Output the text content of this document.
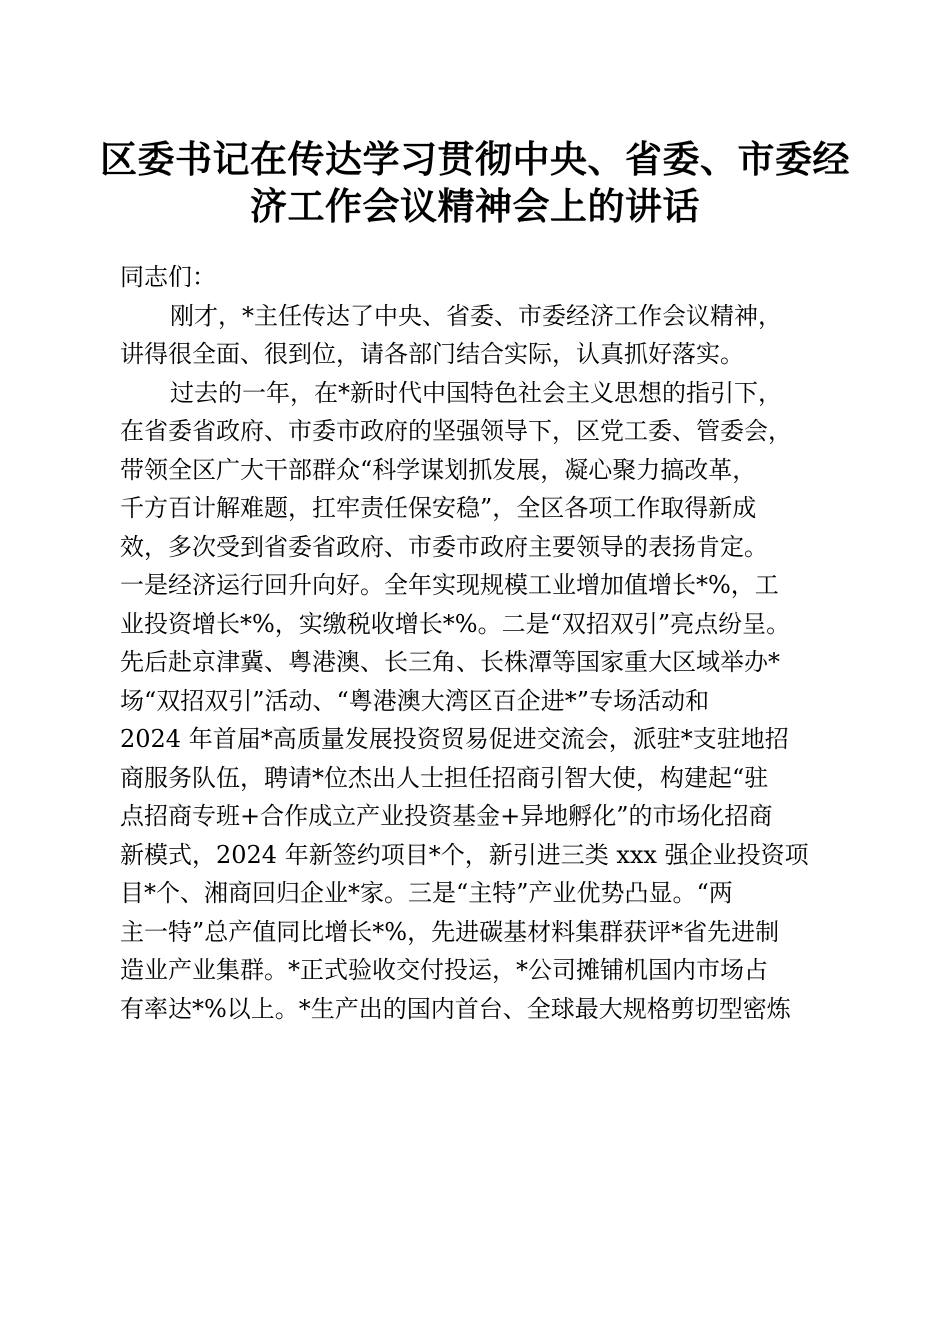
区委书记在传达学习贯彻中央、省委、市委经
济工作会议精神会上的讲话
同志们：
刚才，*主任传达了中央、省委、市委经济工作会议精神，
讲得很全面、很到位，请各部门结合实际，认真抓好落实。
过去的一年，在*新时代中国特色社会主义思想的指引下，
在省委省政府、市委市政府的坚强领导下，区党工委、管委会，
带领全区广大干部群众“科学谋划抓发展，凝心聚力搞改革，
千方百计解难题，扛牢责任保安稳”，全区各项工作取得新成
效，多次受到省委省政府、市委市政府主要领导的表扬肯定。
一是经济运行回升向好。全年实现规模工业增加值增长*%，工
业投资增长*%，实缴税收增长*%。二是“双招双引”亮点纷呈。
先后赴京津冀、粤港澳、长三角、长株潭等国家重大区域举办*
场“双招双引”活动、“粤港澳大湾区百企进*”专场活动和
2024 年首届*高质量发展投资贸易促进交流会，派驻*支驻地招
商服务队伍，聘请*位杰出人士担任招商引智大使，构建起“驻
点招商专班+合作成立产业投资基金+异地孵化”的市场化招商
新模式，2024 年新签约项目*个，新引进三类 xxx 强企业投资项
目*个、湘商回归企业*家。三是“主特”产业优势凸显。“两
主一特”总产值同比增长*%，先进碳基材料集群获评*省先进制
造业产业集群。*正式验收交付投运，*公司摊铺机国内市场占
有率达*%以上。*生产出的国内首台、全球最大规格剪切型密炼
